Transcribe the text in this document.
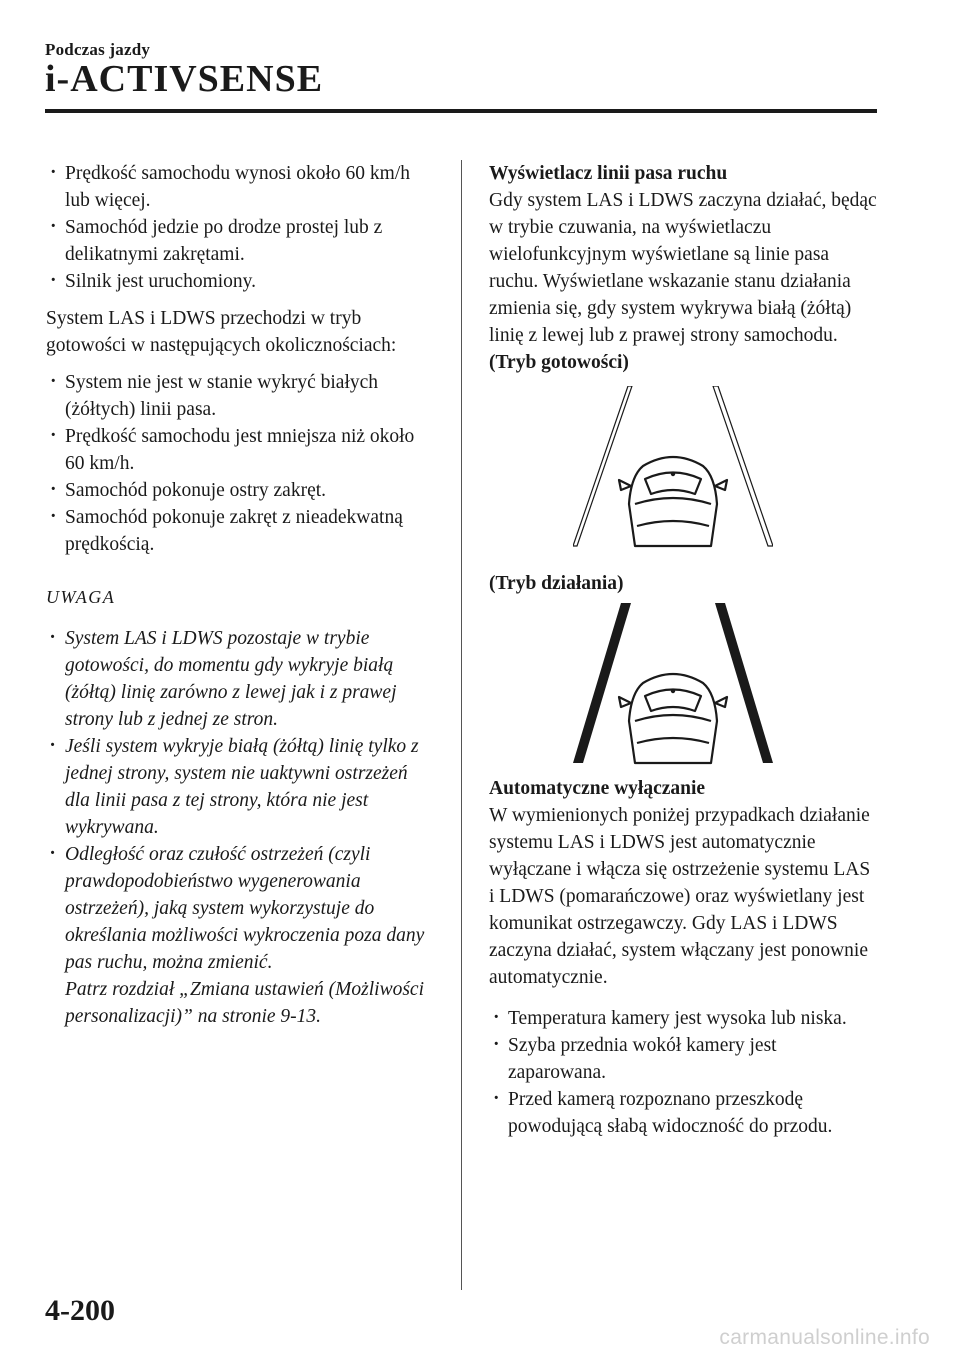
Podczas jazdy
i-ACTIVSENSE
· Prędkość samochodu wynosi około 60 km/h lub więcej.
· Samochód jedzie po drodze prostej lub z delikatnymi zakrętami.
· Silnik jest uruchomiony.

System LAS i LDWS przechodzi w tryb gotowości w następujących okolicznościach:

· System nie jest w stanie wykryć białych (żółtych) linii pasa.
· Prędkość samochodu jest mniejsza niż około 60 km/h.
· Samochód pokonuje ostry zakręt.
· Samochód pokonuje zakręt z nieadekwatną prędkością.
UWAGA
· System LAS i LDWS pozostaje w trybie gotowości, do momentu gdy wykryje białą (żółtą) linię zarówno z lewej jak i z prawej strony lub z jednej ze stron.
· Jeśli system wykryje białą (żółtą) linię tylko z jednej strony, system nie uaktywni ostrzeżeń dla linii pasa z tej strony, która nie jest wykrywana.
· Odległość oraz czułość ostrzeżeń (czyli prawdopodobieństwo wygenerowania ostrzeżeń), jaką system wykorzystuje do określania możliwości wykroczenia poza dany pas ruchu, można zmienić.
Patrz rozdział „Zmiana ustawień (Możliwości personalizacji)” na stronie 9-13.
Wyświetlacz linii pasa ruchu

Gdy system LAS i LDWS zaczyna działać, będąc w trybie czuwania, na wyświetlaczu wielofunkcyjnym wyświetlane są linie pasa ruchu. Wyświetlane wskazanie stanu działania zmienia się, gdy system wykrywa białą (żółtą) linię z lewej lub z prawej strony samochodu.

(Tryb gotowości)
(Tryb działania)
Automatyczne wyłączanie

W wymienionych poniżej przypadkach działanie systemu LAS i LDWS jest automatycznie wyłączane i włącza się ostrzeżenie systemu LAS i LDWS (pomarańczowe) oraz wyświetlany jest komunikat ostrzegawczy. Gdy LAS i LDWS zaczyna działać, system włączany jest ponownie automatycznie.

· Temperatura kamery jest wysoka lub niska.
· Szyba przednia wokół kamery jest zaparowana.
· Przed kamerą rozpoznano przeszkodę powodującą słabą widoczność do przodu.
4-200
carmanualsonline.info
